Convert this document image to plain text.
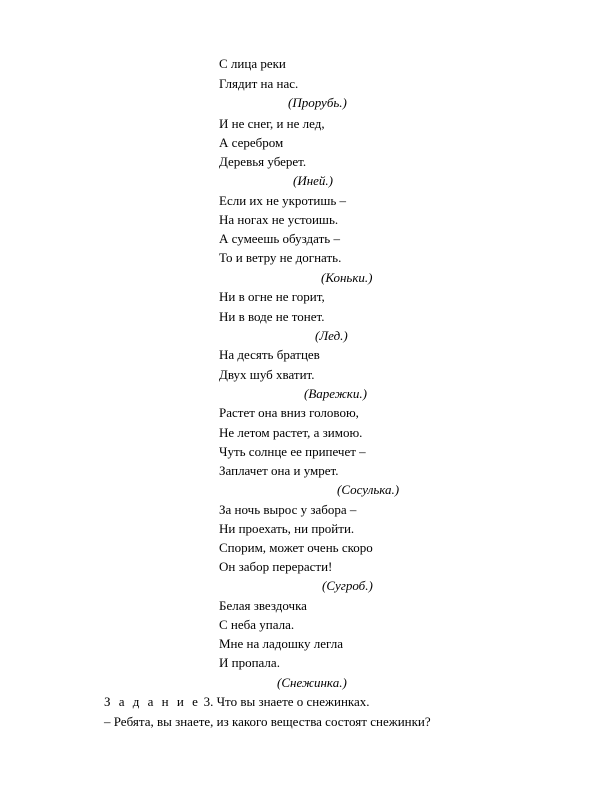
С лица реки
Глядит на нас.
(Прорубь.)
И не снег, и не лед,
А серебром
Деревья уберет.
(Иней.)
Если их не укротишь –
На ногах не устоишь.
А сумеешь обуздать –
То и ветру не догнать.
(Коньки.)
Ни в огне не горит,
Ни в воде не тонет.
(Лед.)
На десять братцев
Двух шуб хватит.
(Варежки.)
Растет она вниз головою,
Не летом растет, а зимою.
Чуть солнце ее припечет –
Заплачет она и умрет.
(Сосулька.)
За ночь вырос у забора –
Ни проехать, ни пройти.
Спорим, может очень скоро
Он забор перерасти!
(Сугроб.)
Белая звездочка
С неба упала.
Мне на ладошку легла
И пропала.
(Снежинка.)
З а д а н и е 3. Что вы знаете о снежинках.
– Ребята, вы знаете, из какого вещества состоят снежинки?
